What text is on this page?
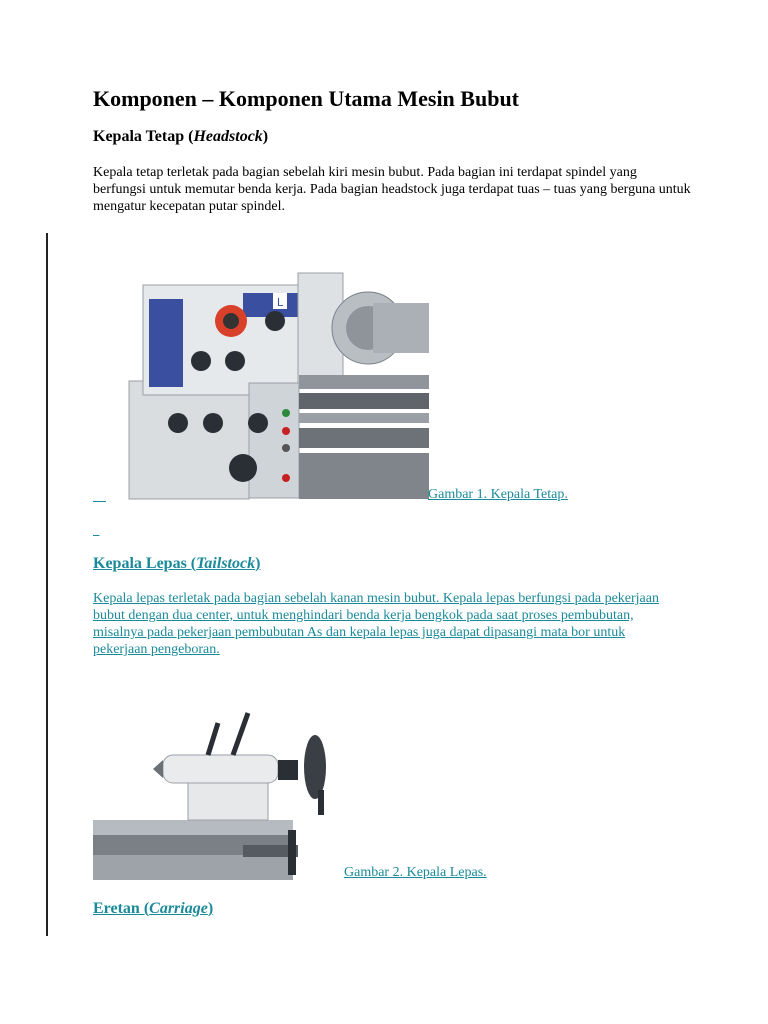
Komponen – Komponen Utama Mesin Bubut
Kepala Tetap (Headstock)

Kepala tetap terletak pada bagian sebelah kiri mesin bubut. Pada bagian ini terdapat spindel yang berfungsi untuk memutar benda kerja. Pada bagian headstock juga terdapat tuas – tuas yang berguna untuk mengatur kecepatan putar spindel.

L

Gambar 1. Kepala Tetap.

Kepala Lepas (Tailstock)
Kepala lepas terletak pada bagian sebelah kanan mesin bubut. Kepala lepas berfungsi pada pekerjaan bubut dengan dua center, untuk menghindari benda kerja bengkok pada saat proses pembubutan, misalnya pada pekerjaan pembubutan As dan kepala lepas juga dapat dipasangi mata bor untuk pekerjaan pengeboran.
Gambar 2. Kepala Lepas.
Eretan (Carriage)
